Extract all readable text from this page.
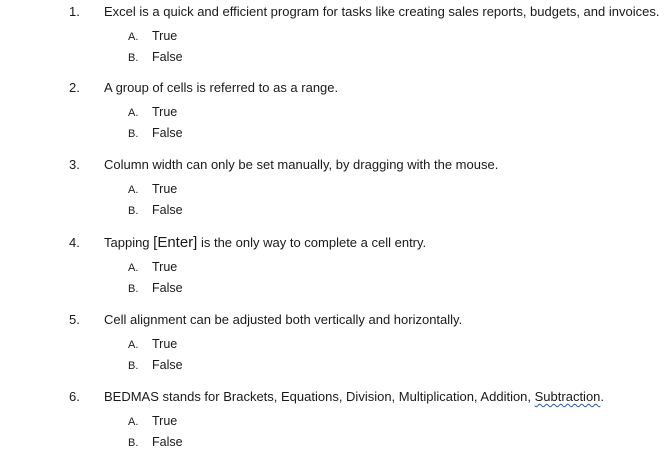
1. Excel is a quick and efficient program for tasks like creating sales reports, budgets, and invoices.
A. True
B. False
2. A group of cells is referred to as a range.
A. True
B. False
3. Column width can only be set manually, by dragging with the mouse.
A. True
B. False
4. Tapping [Enter] is the only way to complete a cell entry.
A. True
B. False
5. Cell alignment can be adjusted both vertically and horizontally.
A. True
B. False
6. BEDMAS stands for Brackets, Equations, Division, Multiplication, Addition, Subtraction.
A. True
B. False
